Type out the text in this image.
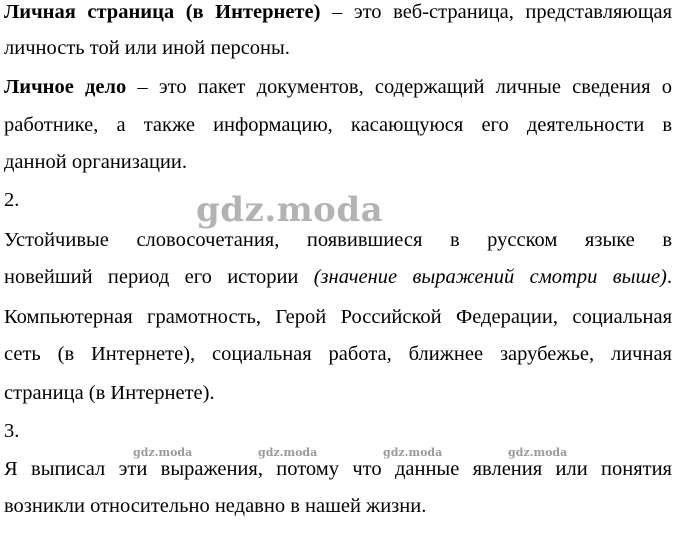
Личная страница (в Интернете) – это веб-страница, представляющая
личность той или иной персоны.
Личное дело – это пакет документов, содержащий личные сведения о
работнике, а также информацию, касающуюся его деятельности в
данной организации.
2.
Устойчивые словосочетания, появившиеся в русском языке в
новейший период его истории (значение выражений смотри выше).
Компьютерная грамотность, Герой Российской Федерации, социальная
сеть (в Интернете), социальная работа, ближнее зарубежье, личная
страница (в Интернете).
3.
Я выписал эти выражения, потому что данные явления или понятия
возникли относительно недавно в нашей жизни.
gdz.moda
gdz.moda	gdz.moda	gdz.moda	gdz.moda
